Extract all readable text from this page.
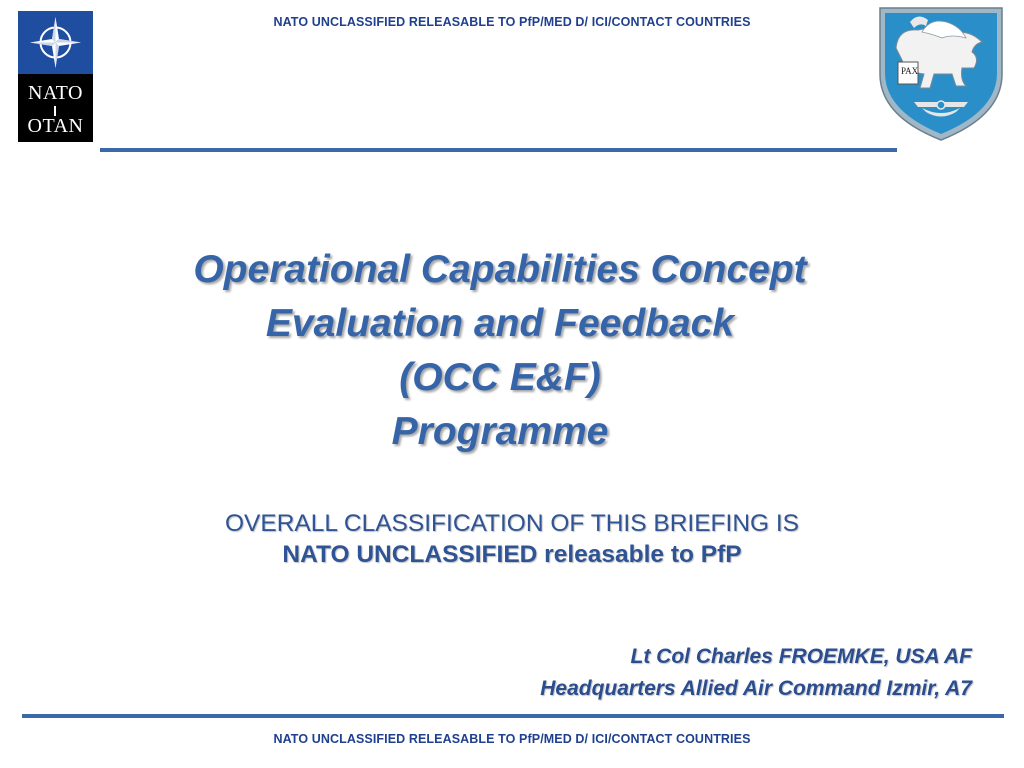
NATO UNCLASSIFIED RELEASABLE TO PfP/MED D/ ICI/CONTACT COUNTRIES
NATO
OTAN
PAX
Operational Capabilities Concept
Evaluation and Feedback
(OCC E&F)
Programme
OVERALL CLASSIFICATION OF THIS BRIEFING IS
NATO UNCLASSIFIED releasable to PfP
Lt Col Charles FROEMKE, USA AF
Headquarters Allied Air Command Izmir, A7
NATO UNCLASSIFIED RELEASABLE TO PfP/MED D/ ICI/CONTACT COUNTRIES
